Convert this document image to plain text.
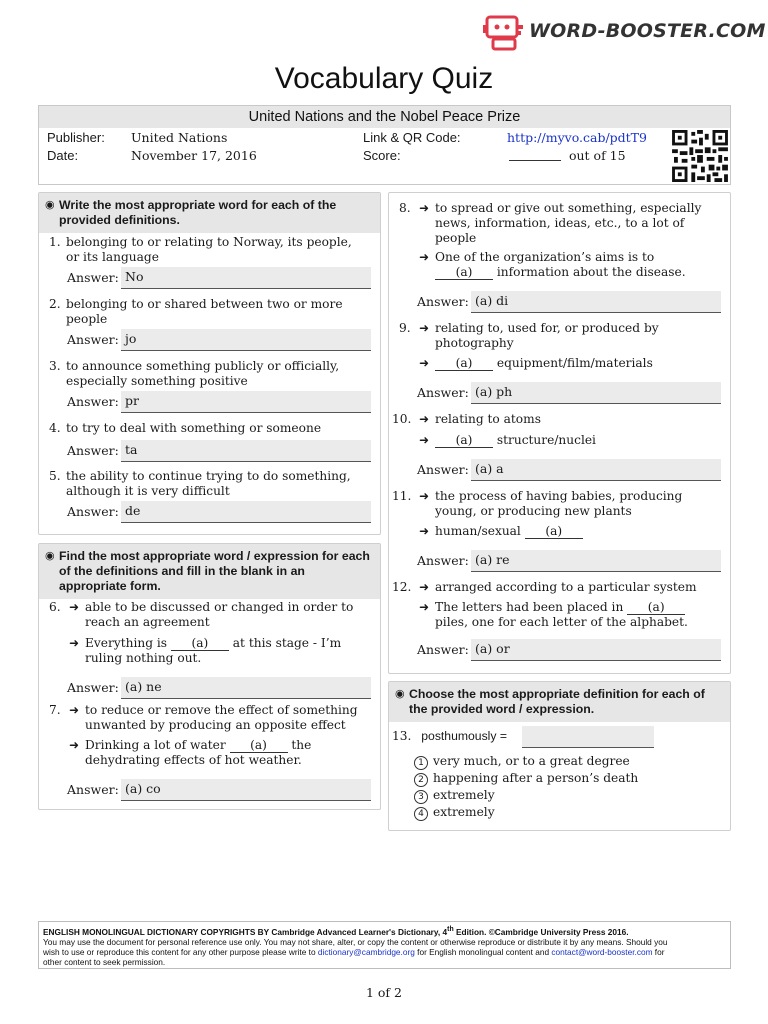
WORD-BOOSTER.COM
Vocabulary Quiz
United Nations and the Nobel Peace Prize
Publisher: United Nations
Date:	November 17, 2016
Link & QR Code:	http://myvo.cab/pdtT9
Score:	out of 15
◉ Write the most appropriate word for each of the provided definitions.
1. belonging to or relating to Norway, its people,
or its language
Answer: No
2. belonging to or shared between two or more
people
Answer: jo
3. to announce something publicly or officially,
especially something positive
Answer: pr
4. to try to deal with something or someone
Answer: ta
5. the ability to continue trying to do something,
although it is very difficult
Answer: de
◉ Find the most appropriate word / expression for each of the definitions and fill in the blank in an appropriate form.
6. ➜ able to be discussed or changed in order to
reach an agreement
➜ Everything is (a) at this stage - I’m
ruling nothing out.
Answer: (a) ne
7. ➜ to reduce or remove the effect of something
unwanted by producing an opposite effect
➜ Drinking a lot of water (a) the
dehydrating effects of hot weather.
Answer: (a) co
8. ➜ to spread or give out something, especially
news, information, ideas, etc., to a lot of
people
➜ One of the organization’s aims is to
(a) information about the disease.
Answer: (a) di
9. ➜ relating to, used for, or produced by
photography
➜	(a) equipment/film/materials
Answer: (a) ph
10. ➜ relating to atoms
➜	(a) structure/nuclei
Answer: (a) a
11. ➜ the process of having babies, producing
young, or producing new plants
➜ human/sexual (a)
Answer: (a) re
12. ➜ arranged according to a particular system
➜ The letters had been placed in (a)
piles, one for each letter of the alphabet.
Answer: (a) or
◉ Choose the most appropriate definition for each of the provided word / expression.
13. posthumously =
1 very much, or to a great degree
2 happening after a person’s death
3 extremely
4 extremely
ENGLISH MONOLINGUAL DICTIONARY COPYRIGHTS BY Cambridge Advanced Learner's Dictionary, 4th Edition. ©Cambridge University Press 2016.
You may use the document for personal reference use only. You may not share, alter, or copy the content or otherwise reproduce or distribute it by any means. Should you
wish to use or reproduce this content for any other purpose please write to dictionary@cambridge.org for English monolingual content and contact@word-booster.com for
other content to seek permission.
1 of 2
